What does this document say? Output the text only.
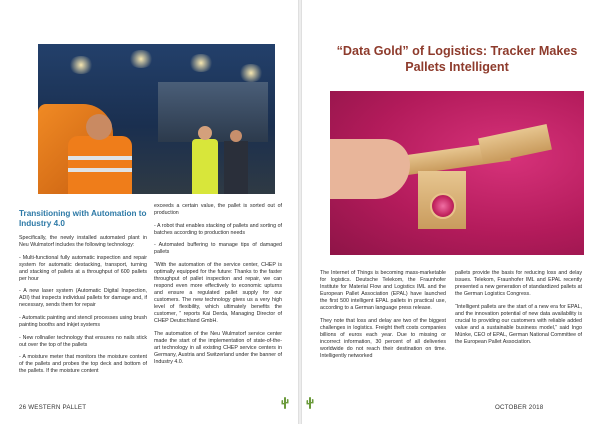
Transitioning with Automation to Industry 4.0

Specifically, the newly installed automated plant in Neu Wulmstorf includes the following technology:

- Multi-functional fully automatic inspection and repair system for automatic destacking, transport, turning and stacking of pallets at a throughput of 600 pallets per hour

- A new laser system (Automatic Digital Inspection, ADI) that inspects individual pallets for damage and, if necessary, sends them for repair

- Automatic painting and stencil processes using brush painting booths and inkjet systems

- New rollnailer technology that ensures no nails stick out over the top of the pallets

- A moisture meter that monitors the moisture content of the pallets and probes the top deck and bottom of the pallets. If the moisture content

exceeds a certain value, the pallet is sorted out of production

- A robot that enables stacking of pallets and sorting of batches according to production needs

- Automated buffering to manage tips of damaged pallets

“With the automation of the service center, CHEP is optimally equipped for the future: Thanks to the faster throughput of pallet inspection and repair, we can respond even more effectively to economic upturns and ensure a regulated pallet supply for our customers. The new technology gives us a very high level of flexibility, which ultimately benefits the customer, ” reports Kai Derda, Managing Director of CHEP Deutschland GmbH.

The automation of the Neu Wulmstorf service center made the start of the implementation of state-of-the-art technology in all existing CHEP service centers in Germany, Austria and Switzerland under the banner of Industry 4.0.

26 WESTERN PALLET
“Data Gold” of Logistics: Tracker Makes Pallets Intelligent

The Internet of Things is becoming mass-marketable for logistics. Deutsche Telekom, the Fraunhofer Institute for Material Flow and Logistics IML and the European Pallet Association (EPAL) have launched the first 500 intelligent EPAL pallets in practical use, according to a German language press release.

They note that loss and delay are two of the biggest challenges in logistics. Freight theft costs companies billions of euros each year. Due to missing or incorrect information, 30 percent of all deliveries worldwide do not reach their destination on time. Intelligently networked

pallets provide the basis for reducing loss and delay issues. Telekom, Fraunhofer IML and EPAL recently presented a new generation of standardized pallets at the German Logistics Congress.

“Intelligent pallets are the start of a new era for EPAL, and the innovation potential of new data availability is crucial to providing our customers with reliable added value and a sustainable business model,” said Ingo Münke, CEO of EPAL, German National Committee of the European Pallet Association.

OCTOBER 2018
